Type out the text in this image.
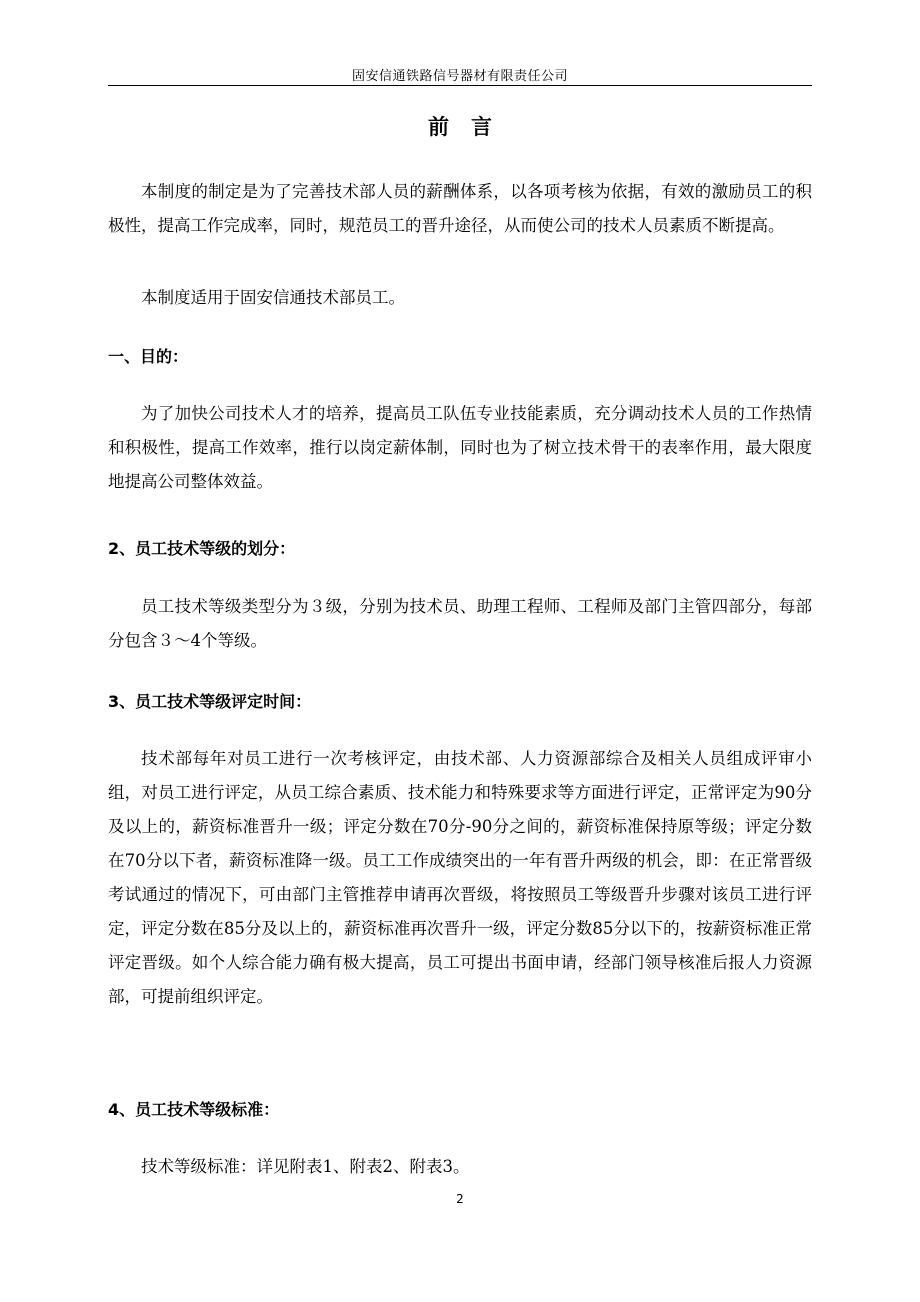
固安信通铁路信号器材有限责任公司
前言

本制度的制定是为了完善技术部人员的薪酬体系，以各项考核为依据，有效的激励员工的积极性，提高工作完成率，同时，规范员工的晋升途径，从而使公司的技术人员素质不断提高。

本制度适用于固安信通技术部员工。

一、目的：

为了加快公司技术人才的培养，提高员工队伍专业技能素质，充分调动技术人员的工作热情和积极性，提高工作效率，推行以岗定薪体制，同时也为了树立技术骨干的表率作用，最大限度地提高公司整体效益。

2、员工技术等级的划分：

员工技术等级类型分为３级，分别为技术员、助理工程师、工程师及部门主管四部分，每部分包含３～4个等级。

3、员工技术等级评定时间：

技术部每年对员工进行一次考核评定，由技术部、人力资源部综合及相关人员组成评审小组，对员工进行评定，从员工综合素质、技术能力和特殊要求等方面进行评定，正常评定为90分及以上的，薪资标准晋升一级；评定分数在70分-90分之间的，薪资标准保持原等级；评定分数在70分以下者，薪资标准降一级。员工工作成绩突出的一年有晋升两级的机会，即：在正常晋级考试通过的情况下，可由部门主管推荐申请再次晋级，将按照员工等级晋升步骤对该员工进行评定，评定分数在85分及以上的，薪资标准再次晋升一级，评定分数85分以下的，按薪资标准正常评定晋级。如个人综合能力确有极大提高，员工可提出书面申请，经部门领导核准后报人力资源部，可提前组织评定。

4、员工技术等级标准：

技术等级标准：详见附表1、附表2、附表3。

2
